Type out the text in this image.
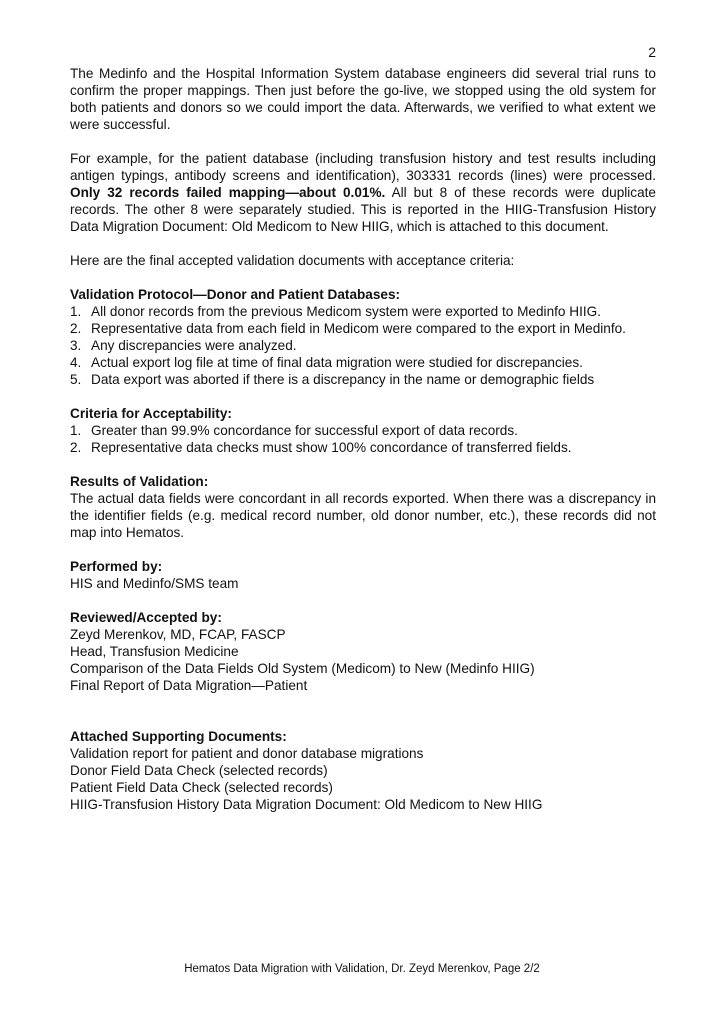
2

The Medinfo and the Hospital Information System database engineers did several trial runs to confirm the proper mappings. Then just before the go-live, we stopped using the old system for both patients and donors so we could import the data. Afterwards, we verified to what extent we were successful.

For example, for the patient database (including transfusion history and test results including antigen typings, antibody screens and identification), 303331 records (lines) were processed. Only 32 records failed mapping—about 0.01%. All but 8 of these records were duplicate records. The other 8 were separately studied. This is reported in the HIIG-Transfusion History Data Migration Document: Old Medicom to New HIIG, which is attached to this document.

Here are the final accepted validation documents with acceptance criteria:

Validation Protocol—Donor and Patient Databases:

1. All donor records from the previous Medicom system were exported to Medinfo HIIG.
2. Representative data from each field in Medicom were compared to the export in Medinfo.
3. Any discrepancies were analyzed.
4. Actual export log file at time of final data migration were studied for discrepancies.
5. Data export was aborted if there is a discrepancy in the name or demographic fields

Criteria for Acceptability:

1. Greater than 99.9% concordance for successful export of data records.
2. Representative data checks must show 100% concordance of transferred fields.

Results of Validation:

The actual data fields were concordant in all records exported. When there was a discrepancy in the identifier fields (e.g. medical record number, old donor number, etc.), these records did not map into Hematos.

Performed by:

HIS and Medinfo/SMS team

Reviewed/Accepted by:

Zeyd Merenkov, MD, FCAP, FASCP

Head, Transfusion Medicine

Comparison of the Data Fields Old System (Medicom) to New (Medinfo HIIG)

Final Report of Data Migration—Patient

Attached Supporting Documents:

Validation report for patient and donor database migrations

Donor Field Data Check (selected records)

Patient Field Data Check (selected records)

HIIG-Transfusion History Data Migration Document: Old Medicom to New HIIG

Hematos Data Migration with Validation, Dr. Zeyd Merenkov, Page 2/2
